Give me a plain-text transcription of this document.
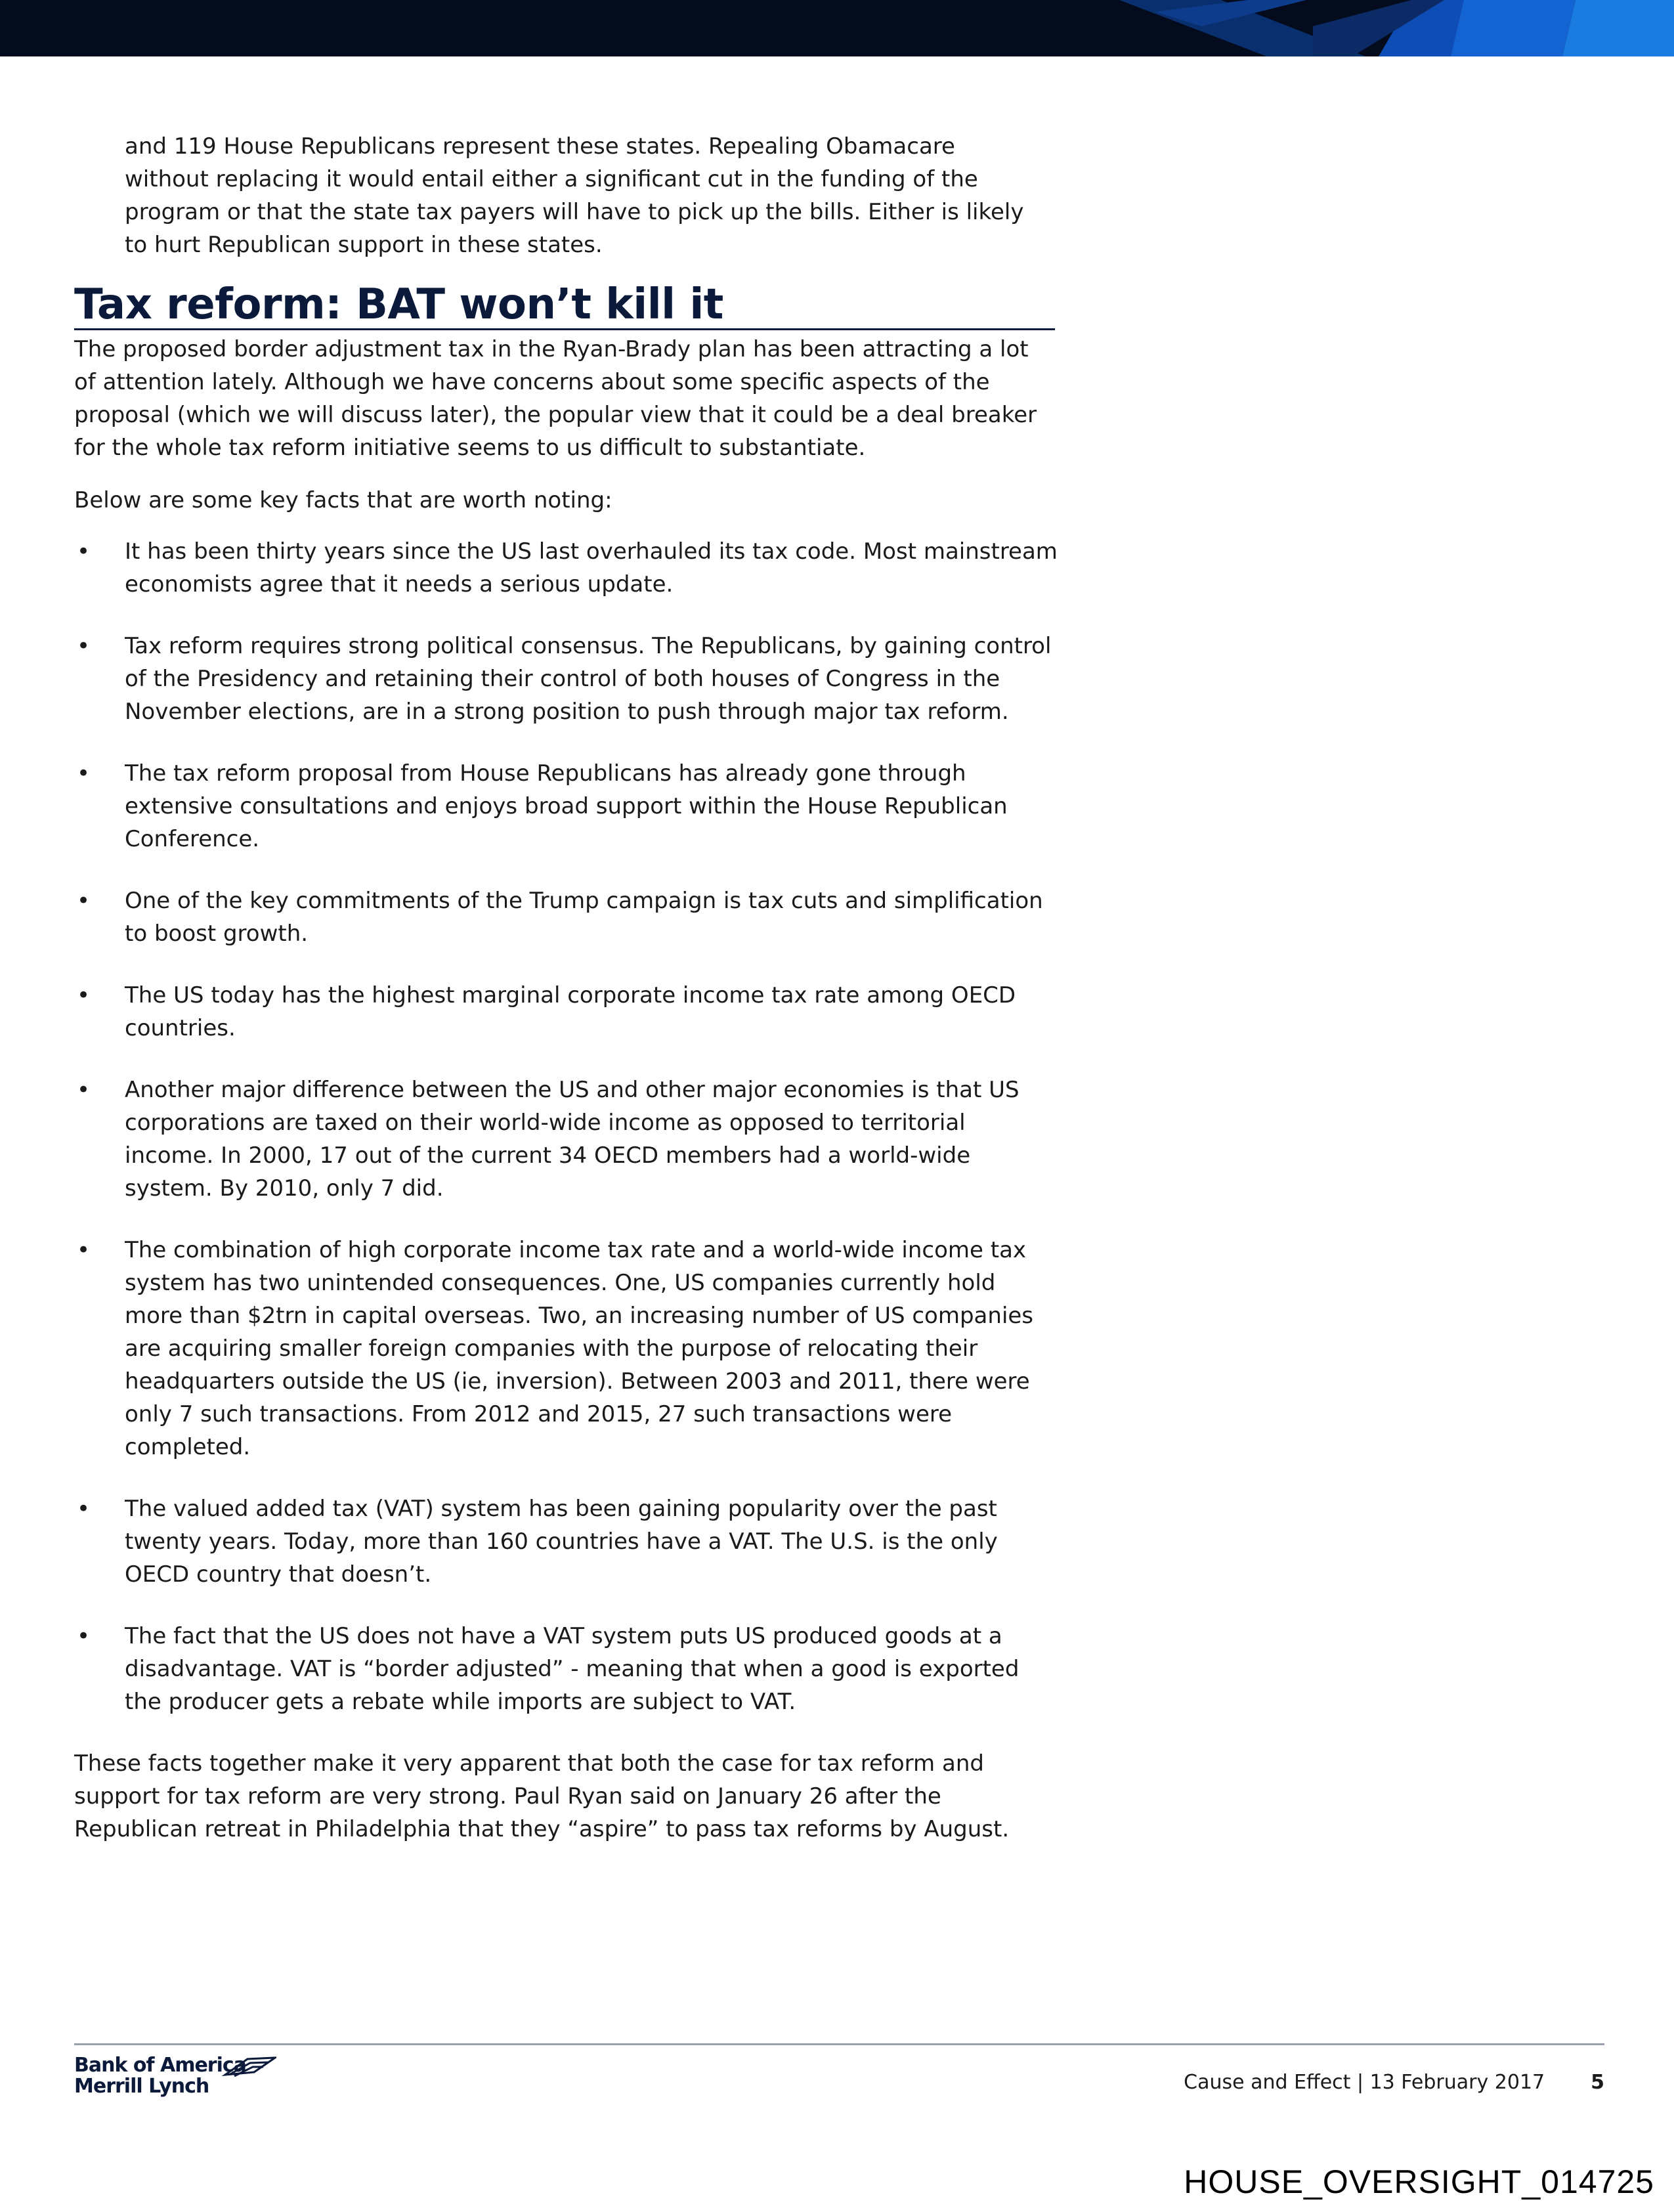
and 119 House Republicans represent these states. Repealing Obamacare without replacing it would entail either a significant cut in the funding of the program or that the state tax payers will have to pick up the bills. Either is likely to hurt Republican support in these states.

Tax reform: BAT won’t kill it

The proposed border adjustment tax in the Ryan-Brady plan has been attracting a lot of attention lately. Although we have concerns about some specific aspects of the proposal (which we will discuss later), the popular view that it could be a deal breaker for the whole tax reform initiative seems to us difficult to substantiate.

Below are some key facts that are worth noting:

• It has been thirty years since the US last overhauled its tax code. Most mainstream economists agree that it needs a serious update.
• Tax reform requires strong political consensus. The Republicans, by gaining control of the Presidency and retaining their control of both houses of Congress in the November elections, are in a strong position to push through major tax reform.
• The tax reform proposal from House Republicans has already gone through extensive consultations and enjoys broad support within the House Republican Conference.
• One of the key commitments of the Trump campaign is tax cuts and simplification to boost growth.
• The US today has the highest marginal corporate income tax rate among OECD countries.
• Another major difference between the US and other major economies is that US corporations are taxed on their world-wide income as opposed to territorial income. In 2000, 17 out of the current 34 OECD members had a world-wide system. By 2010, only 7 did.
• The combination of high corporate income tax rate and a world-wide income tax system has two unintended consequences. One, US companies currently hold more than $2trn in capital overseas. Two, an increasing number of US companies are acquiring smaller foreign companies with the purpose of relocating their headquarters outside the US (ie, inversion). Between 2003 and 2011, there were only 7 such transactions. From 2012 and 2015, 27 such transactions were completed.
• The valued added tax (VAT) system has been gaining popularity over the past twenty years. Today, more than 160 countries have a VAT. The U.S. is the only OECD country that doesn’t.
• The fact that the US does not have a VAT system puts US produced goods at a disadvantage. VAT is “border adjusted” - meaning that when a good is exported the producer gets a rebate while imports are subject to VAT.

These facts together make it very apparent that both the case for tax reform and support for tax reform are very strong. Paul Ryan said on January 26 after the Republican retreat in Philadelphia that they “aspire” to pass tax reforms by August.

Bank of America
Merrill Lynch	Cause and Effect | 13 February 2017 5
HOUSE_OVERSIGHT_014725
